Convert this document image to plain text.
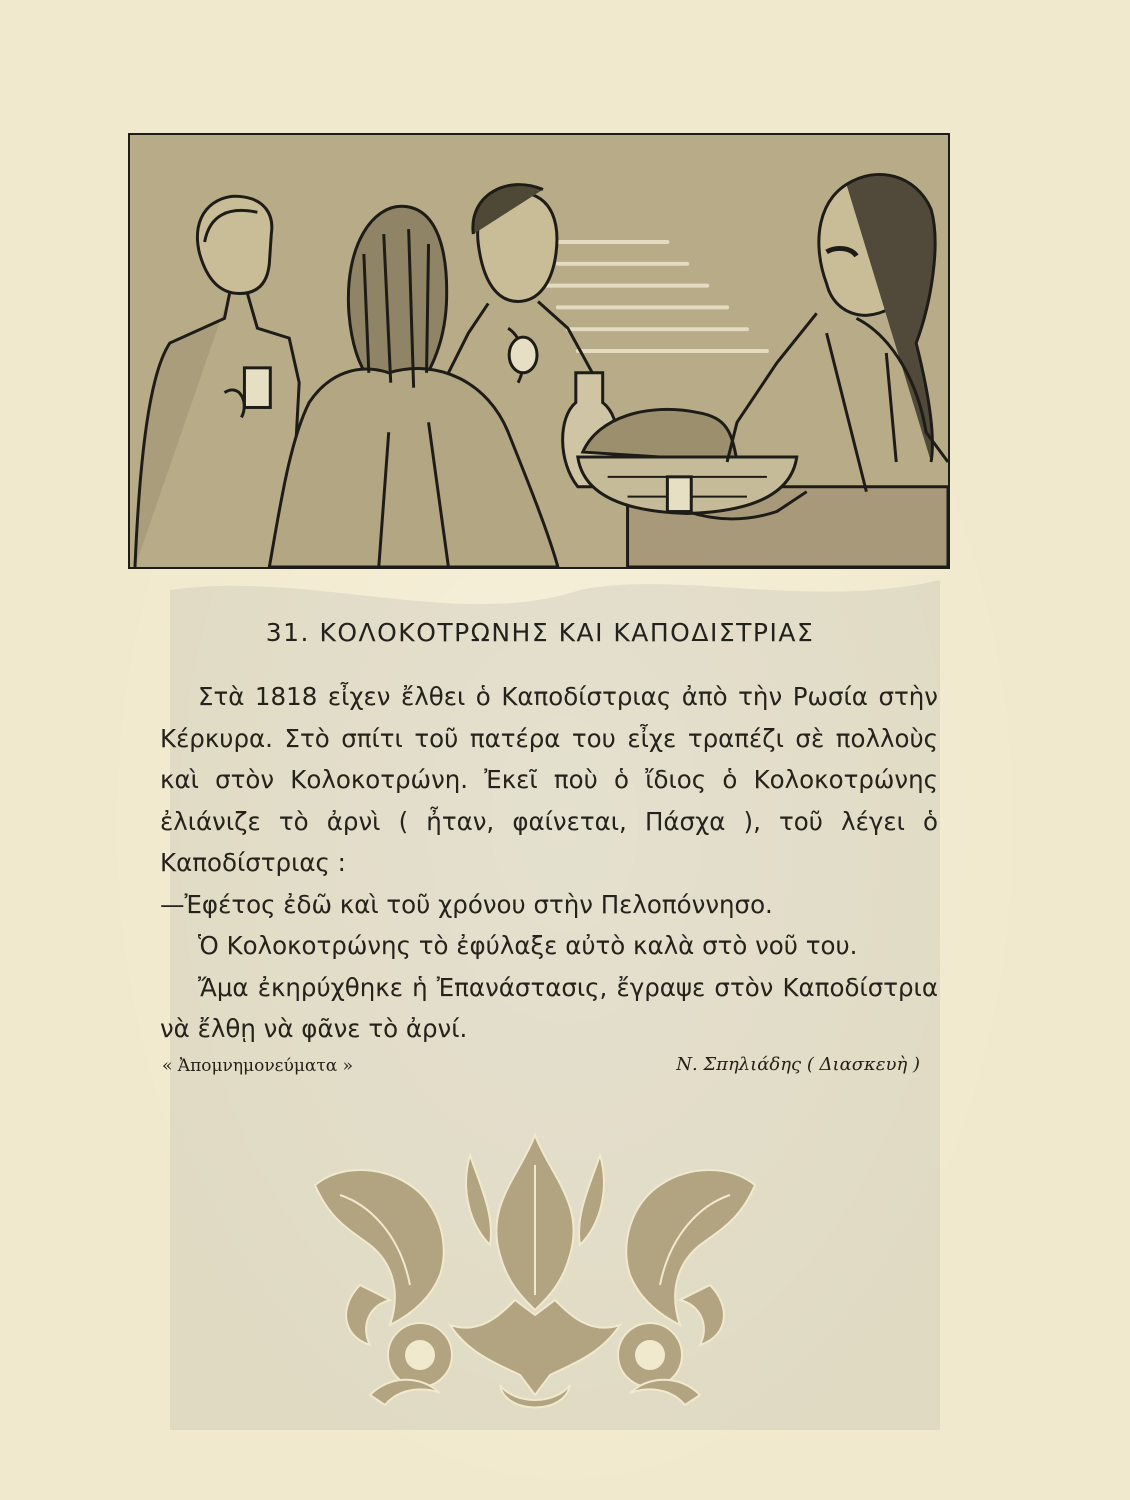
31. ΚΟΛΟΚΟΤΡΩΝΗΣ ΚΑΙ ΚΑΠΟΔΙΣΤΡΙΑΣ

Στὰ 1818 εἶχεν ἔλθει ὁ Καποδίστριας ἀπὸ τὴν Ρωσία στὴν Κέρκυρα. Στὸ σπίτι τοῦ πατέρα του εἶχε τραπέζι σὲ πολλοὺς καὶ στὸν Κολοκοτρώνη. Ἐκεῖ ποὺ ὁ ἴδιος ὁ Κολοκοτρώνης ἐλιάνιζε τὸ ἀρνὶ ( ἦταν, φαίνεται, Πάσχα ), τοῦ λέγει ὁ Καποδίστριας :

—Ἐφέτος ἐδῶ καὶ τοῦ χρόνου στὴν Πελοπόννησο.

Ὁ Κολοκοτρώνης τὸ ἐφύλαξε αὐτὸ καλὰ στὸ νοῦ του.

Ἄμα ἐκηρύχθηκε ἡ Ἐπανάστασις, ἔγραψε στὸν Καποδίστρια νὰ ἔλθῃ νὰ φᾶνε τὸ ἀρνί.

« Ἀπομνημονεύματα »	Ν. Σπηλιάδης ( Διασκευὴ )
